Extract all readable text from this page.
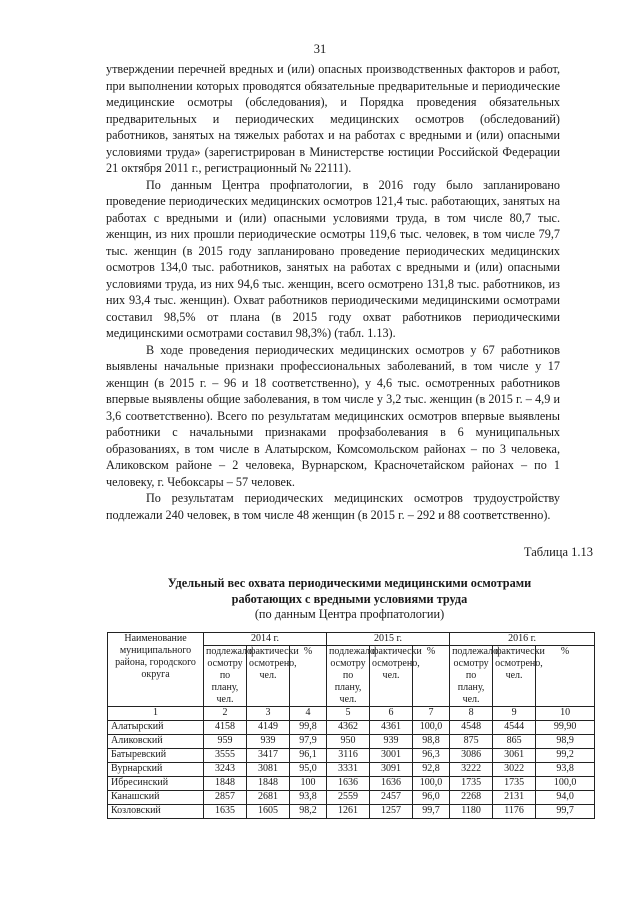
31

утверждении перечней вредных и (или) опасных производственных факторов и работ, при выполнении которых проводятся обязательные предварительные и периодические медицинские осмотры (обследования), и Порядка проведения обязательных предварительных и периодических медицинских осмотров (обследований) работников, занятых на тяжелых работах и на работах с вредными и (или) опасными условиями труда» (зарегистрирован в Министерстве юстиции Российской Федерации 21 октября 2011 г., регистрационный № 22111).

По данным Центра профпатологии, в 2016 году было запланировано проведение периодических медицинских осмотров 121,4 тыс. работающих, занятых на работах с вредными и (или) опасными условиями труда, в том числе 80,7 тыс. женщин, из них прошли периодические осмотры 119,6 тыс. человек, в том числе 79,7 тыс. женщин (в 2015 году запланировано проведение периодических медицинских осмотров 134,0 тыс. работников, занятых на работах с вредными и (или) опасными условиями труда, из них 94,6 тыс. женщин, всего осмотрено 131,8 тыс. работников, из них 93,4 тыс. женщин). Охват работников периодическими медицинскими осмотрами составил 98,5% от плана (в 2015 году охват работников периодическими медицинскими осмотрами составил 98,3%) (табл. 1.13).

В ходе проведения периодических медицинских осмотров у 67 работников выявлены начальные признаки профессиональных заболеваний, в том числе у 17 женщин (в 2015 г. – 96 и 18 соответственно), у 4,6 тыс. осмотренных работников впервые выявлены общие заболевания, в том числе у 3,2 тыс. женщин (в 2015 г. – 4,9 и 3,6 соответственно). Всего по результатам медицинских осмотров впервые выявлены работники с начальными признаками профзаболевания в 6 муниципальных образованиях, в том числе в Алатырском, Комсомольском районах – по 3 человека, Аликовском районе – 2 человека, Вурнарском, Красночетайском районах – по 1 человеку, г. Чебоксары – 57 человек.

По результатам периодических медицинских осмотров трудоустройству подлежали 240 человек, в том числе 48 женщин (в 2015 г. – 292 и 88 соответственно).

Таблица 1.13
Удельный вес охвата периодическими медицинскими осмотрами
работающих с вредными условиями труда
(по данным Центра профпатологии)
Наименование муниципального района, городского округа	2014 г.			2015 г.			2016 г.		
	подлежало осмотру по плану, чел.	фактически осмотрено, чел.	%	подлежало осмотру по плану, чел.	фактически осмотрено, чел.	%	подлежало осмотру по плану, чел.	фактически осмотрено, чел.	%
1	2	3	4	5	6	7	8	9	10
Алатырский	4158	4149	99,8	4362	4361	100,0	4548	4544	99,90
Аликовский	959	939	97,9	950	939	98,8	875	865	98,9
Батыревский	3555	3417	96,1	3116	3001	96,3	3086	3061	99,2
Вурнарский	3243	3081	95,0	3331	3091	92,8	3222	3022	93,8
Ибресинский	1848	1848	100	1636	1636	100,0	1735	1735	100,0
Канашский	2857	2681	93,8	2559	2457	96,0	2268	2131	94,0
Козловский	1635	1605	98,2	1261	1257	99,7	1180	1176	99,7
